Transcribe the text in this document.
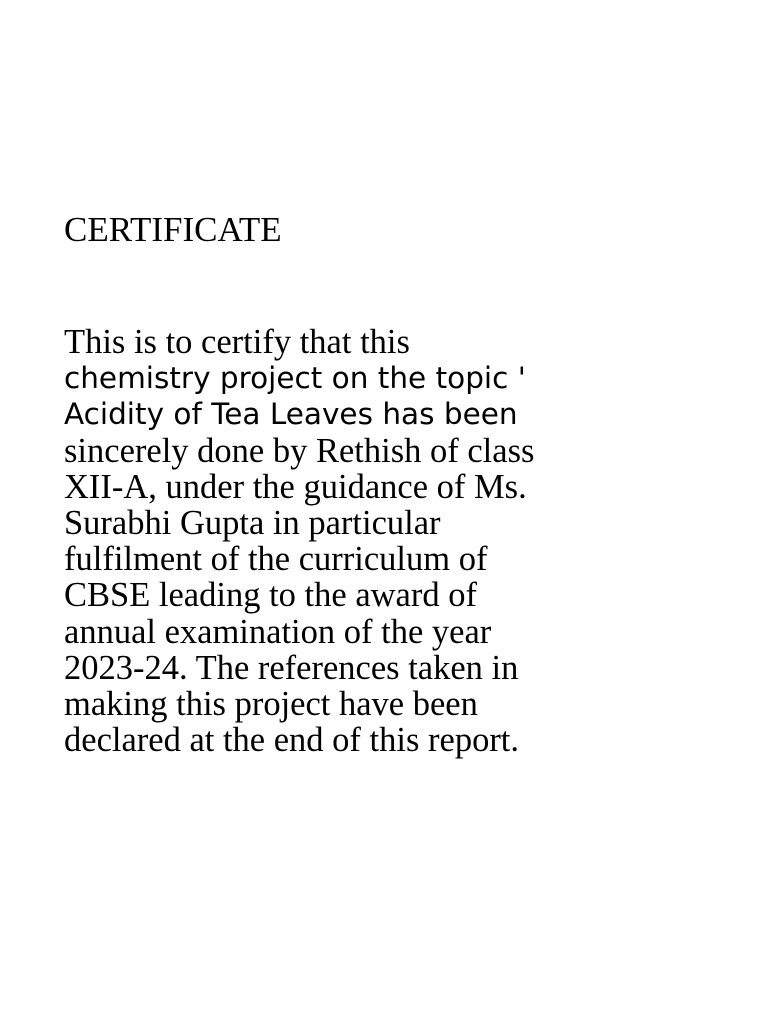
CERTIFICATE
This is to certify that this
chemistry project on the topic '
Acidity of Tea Leaves has been
sincerely done by Rethish of class
XII-A, under the guidance of Ms.
Surabhi Gupta in particular
fulfilment of the curriculum of
CBSE leading to the award of
annual examination of the year
2023-24. The references taken in
making this project have been
declared at the end of this report.
